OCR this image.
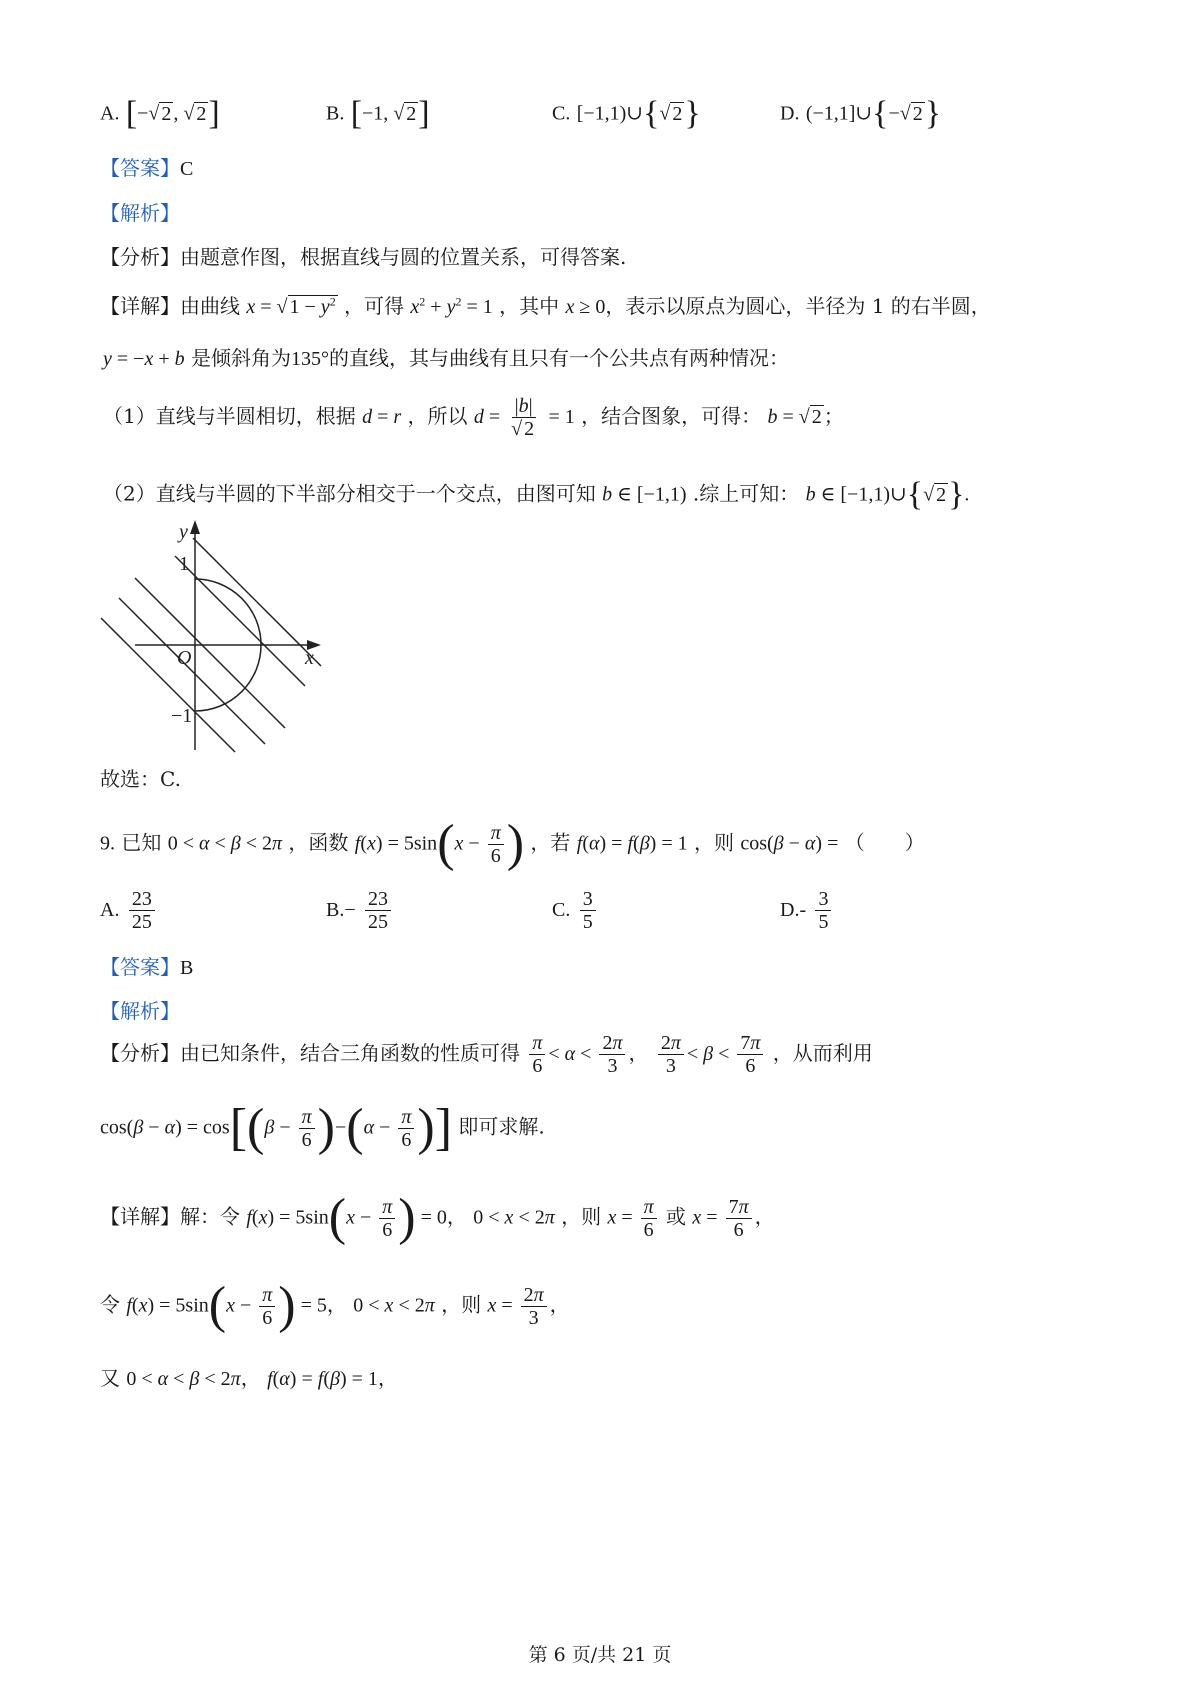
A. [−√ 2 , √ 2]	B. [−1, √ 2]	C. [−1,1)∪{√ 2}	D. (−1,1]∪{−√ 2}
【答案】C
【解析】
【分析】由题意作图，根据直线与圆的位置关系，可得答案.
【详解】由曲线 x = √ $1 - y^2$ ，可得 $x^2 + y^2 = 1$ ，其中 x ≥ 0，表示以原点为圆心，半径为 1 的右半圆，
y = −x + b 是倾斜角为135°的直线，其与曲线有且只有一个公共点有两种情况：
（1）直线与半圆相切，根据 d = r ，所以 $d = \frac{|b|}{√ 2} = 1$ ，结合图象，可得： b = √ 2 ；
（2）直线与半圆的下半部分相交于一个交点，由图可知 b ∈ [−1,1) .综上可知： b ∈ [−1,1)∪{√ 2}.
y
1
O	x
−1
故选：C.
9. 已知 0 < α < β < 2π ，函数 $f(x) = 5\sin(x - \frac{\pi}{6}$ ) ，若 f(α) = f(β) = 1 ，则 cos(β − α) = （　　）
A. $\frac{23}{25}$	$B.- \frac{23}{25}$	C. $\frac{3}{5}$	$D.- \frac{3}{5}$
【答案】B
【解析】
【分析】由已知条件，结合三角函数的性质可得 $\frac{\pi}{6} < \alpha < \frac{2\pi}{3}$ ， $\frac{2\pi}{3} < \beta < \frac{7\pi}{6}$ ，从而利用
$\cos(\beta - \alpha) = \cos[(\beta - \frac{\pi}{6} )-(\alpha - \frac{\pi}{6}$ )] 即可求解.
【详解】解：令 $f(x) = 5\sin(x - \frac{\pi}{6}$ ) = 0， 0 < x < 2π ，则 $x = \frac{\pi}{6}$ 或 $x = \frac{7\pi}{6}$ ，
令 $f(x) = 5\sin(x - \frac{\pi}{6}$ ) = 5， 0 < x < 2π ，则 $x = \frac{2\pi}{3}$ ，
又 0 < α < β < 2π， f(α) = f(β) = 1，
第 6 页/共 21 页
